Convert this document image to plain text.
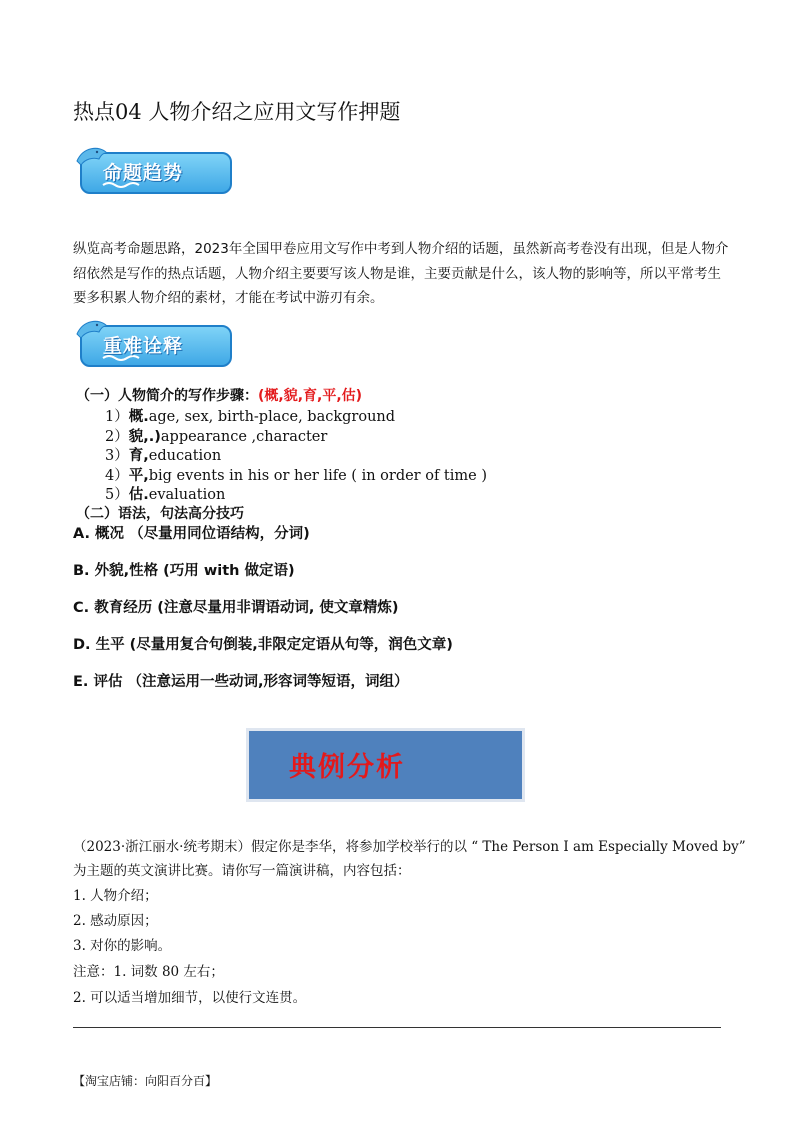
热点04 人物介绍之应用文写作押题
命题趋势
纵览高考命题思路，2023年全国甲卷应用文写作中考到人物介绍的话题，虽然新高考卷没有出现，但是人物介绍依然是写作的热点话题，人物介绍主要要写该人物是谁，主要贡献是什么，该人物的影响等，所以平常考生要多积累人物介绍的素材，才能在考试中游刃有余。
重难诠释
（一）人物简介的写作步骤：(概,貌,育,平,估)
1）概.age, sex, birth-place, background
2）貌,.)appearance ,character
3）育,education
4）平,big events in his or her life ( in order of time )
5）估.evaluation
（二）语法，句法高分技巧
A. 概况 （尽量用同位语结构，分词)
B. 外貌,性格 (巧用 with 做定语)
C. 教育经历 (注意尽量用非谓语动词, 使文章精炼)
D. 生平 (尽量用复合句倒装,非限定定语从句等，润色文章)
E. 评估 （注意运用一些动词,形容词等短语，词组）
典例分析
（2023·浙江丽水·统考期末）假定你是李华，将参加学校举行的以 “ The Person I am Especially Moved by”
为主题的英文演讲比赛。请你写一篇演讲稿，内容包括：
1. 人物介绍；
2. 感动原因；
3. 对你的影响。
注意：1. 词数 80 左右；
2. 可以适当增加细节，以使行文连贯。
【淘宝店铺：向阳百分百】
